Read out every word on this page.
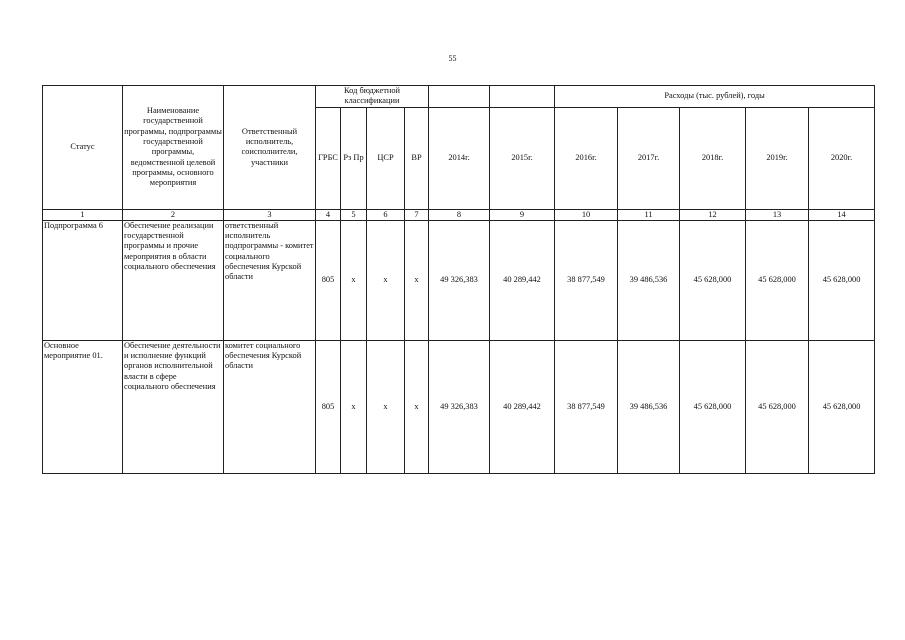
55
Статус	Наименование государственной программы, подпрограммы государственной программы, ведомственной целевой программы, основного мероприятия	Ответственный исполнитель, соисполнители, участники	Код бюджетной классификации						Расходы (тыс. рублей), годы				
			ГРБС	Рз Пр	ЦСР	ВР	2014г.	2015г.	2016г.	2017г.	2018г.	2019г.	2020г.
1	2	3	4	5	6	7	8	9	10	11	12	13	14
Подпрограмма 6	Обеспечение реализации государственной программы и прочие мероприятия в области социального обеспечения	ответственный исполнитель подпрограммы - комитет социального обеспечения Курской области	805	х	х	х	49 326,383	40 289,442	38 877,549	39 486,536	45 628,000	45 628,000	45 628,000
Основное мероприятие 01.	Обеспечение деятельности и исполнение функций органов исполнительной власти в сфере социального обеспечения	комитет социального обеспечения Курской области	805	х	х	х	49 326,383	40 289,442	38 877,549	39 486,536	45 628,000	45 628,000	45 628,000
